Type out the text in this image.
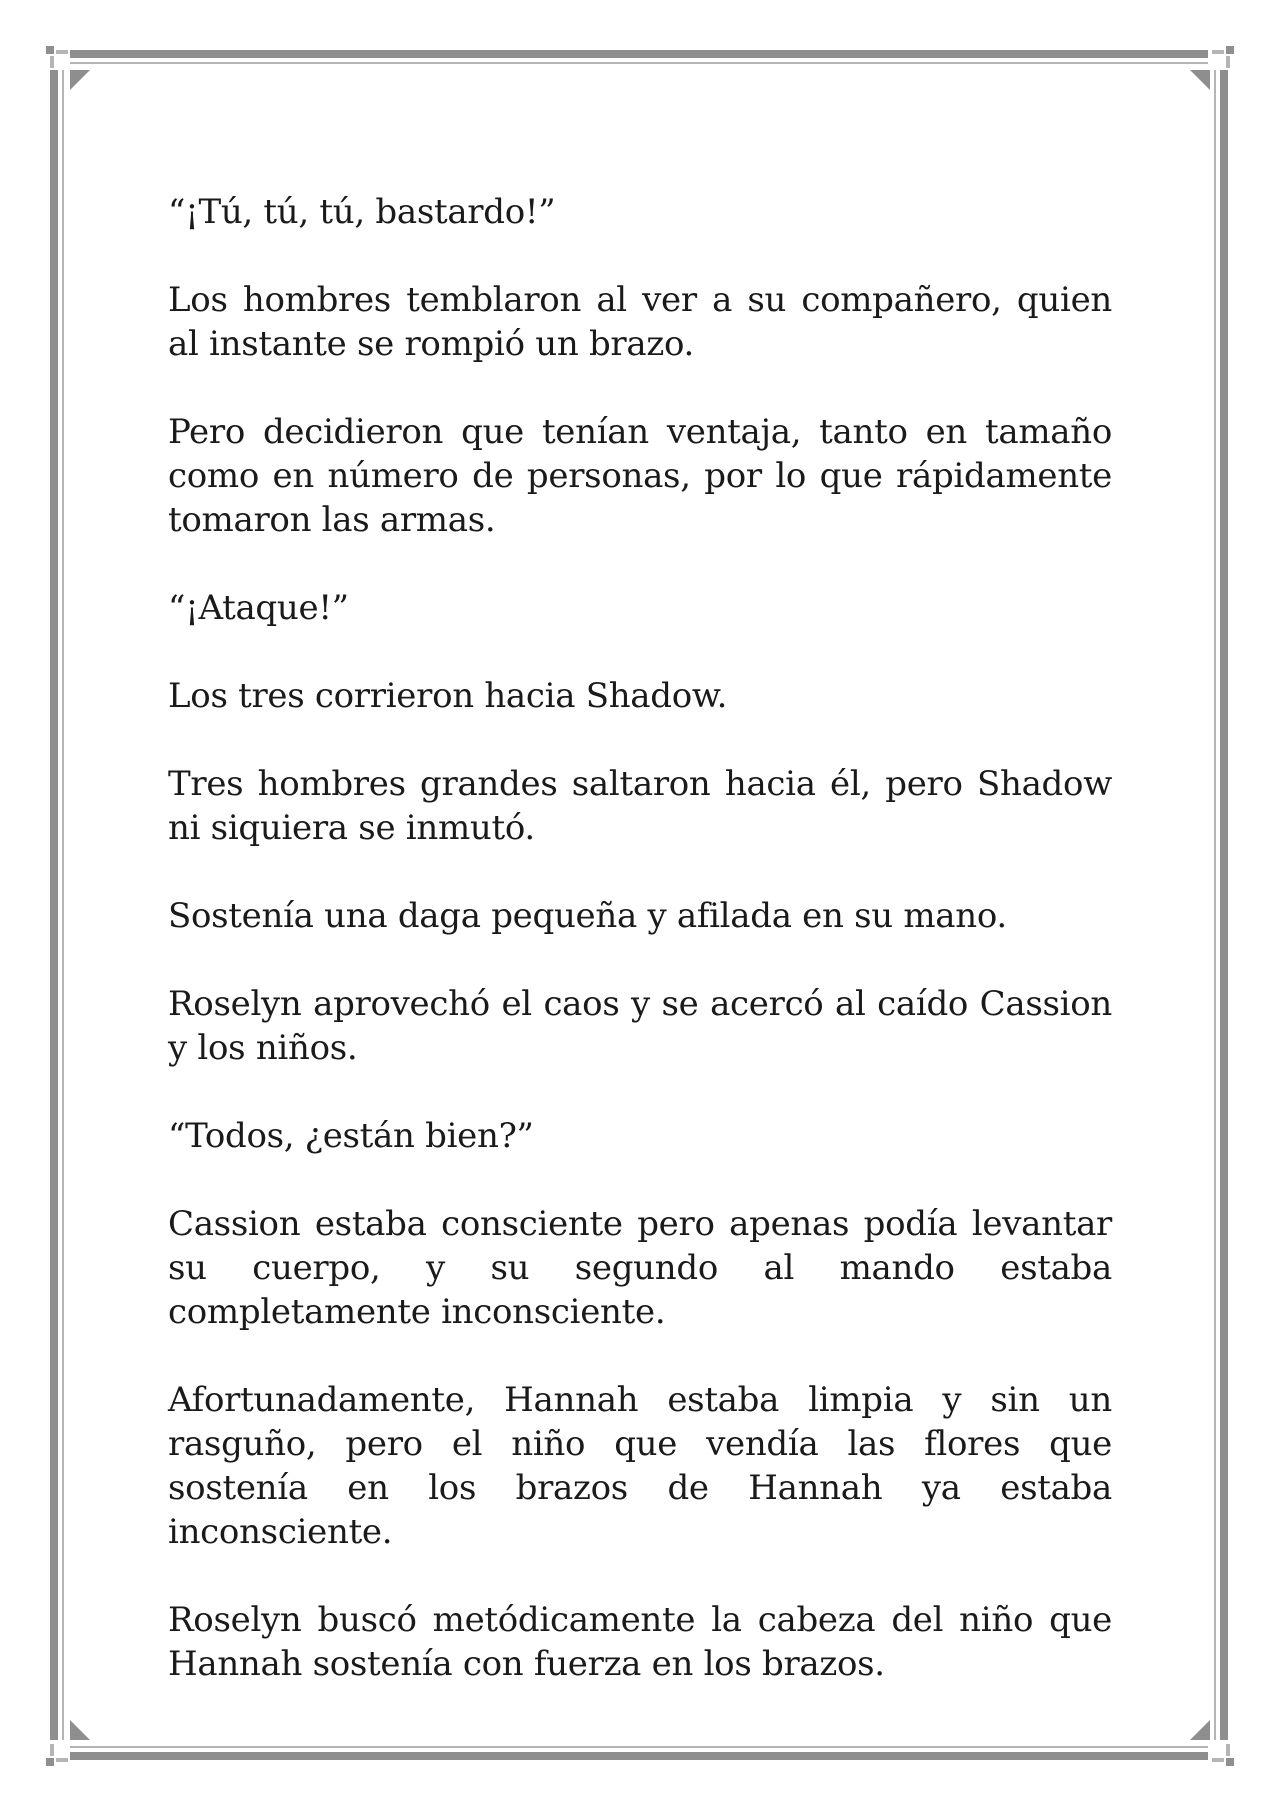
“¡Tú, tú, tú, bastardo!”

Los hombres temblaron al ver a su compañero, quien al instante se rompió un brazo.

Pero decidieron que tenían ventaja, tanto en tamaño como en número de personas, por lo que rápidamente tomaron las armas.

“¡Ataque!”

Los tres corrieron hacia Shadow.

Tres hombres grandes saltaron hacia él, pero Shadow ni siquiera se inmutó.

Sostenía una daga pequeña y afilada en su mano.

Roselyn aprovechó el caos y se acercó al caído Cassion y los niños.

“Todos, ¿están bien?”

Cassion estaba consciente pero apenas podía levantar su cuerpo, y su segundo al mando estaba completamente inconsciente.

Afortunadamente, Hannah estaba limpia y sin un rasguño, pero el niño que vendía las flores que sostenía en los brazos de Hannah ya estaba inconsciente.

Roselyn buscó metódicamente la cabeza del niño que Hannah sostenía con fuerza en los brazos.
